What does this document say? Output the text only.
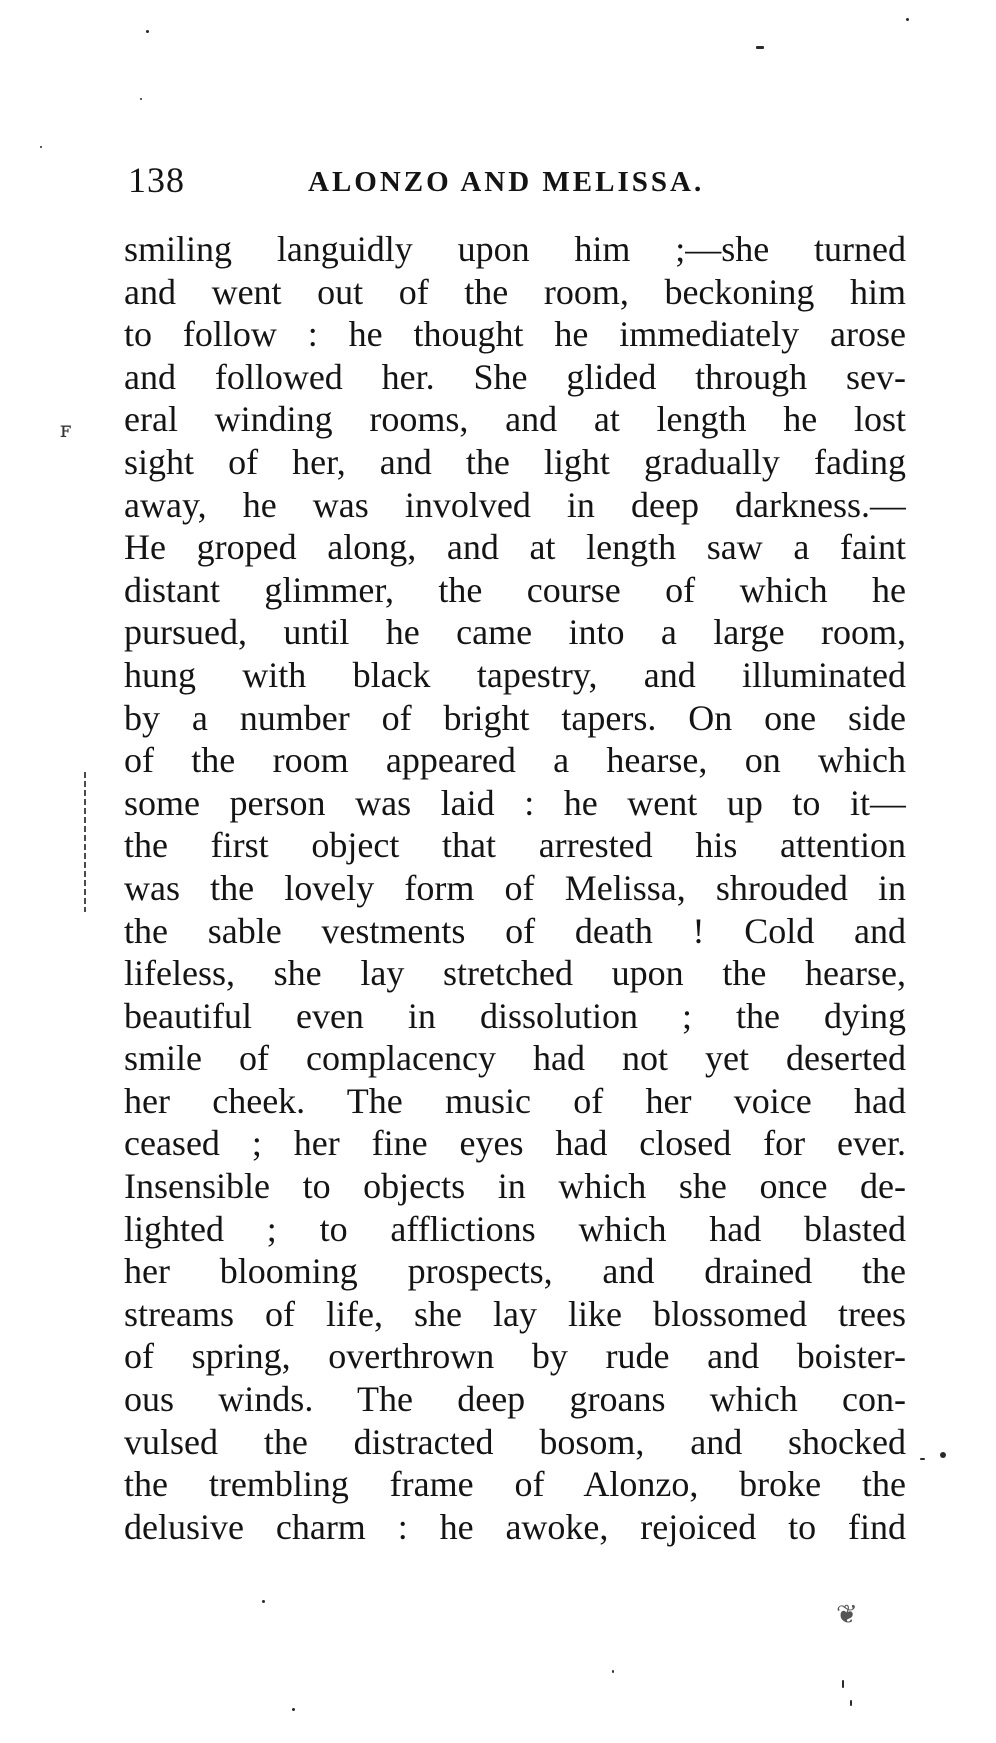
138	ALONZO AND MELISSA.
smiling languidly upon him ;—she turned
and went out of the room, beckoning him
to follow : he thought he immediately arose
and followed her. She glided through sev-
eral winding rooms, and at length he lost
sight of her, and the light gradually fading
away, he was involved in deep darkness.—
He groped along, and at length saw a faint
distant glimmer, the course of which he
pursued, until he came into a large room,
hung with black tapestry, and illuminated
by a number of bright tapers. On one side
of the room appeared a hearse, on which
some person was laid : he went up to it—
the first object that arrested his attention
was the lovely form of Melissa, shrouded in
the sable vestments of death ! Cold and
lifeless, she lay stretched upon the hearse,
beautiful even in dissolution ; the dying
smile of complacency had not yet deserted
her cheek. The music of her voice had
ceased ; her fine eyes had closed for ever.
Insensible to objects in which she once de-
lighted ; to afflictions which had blasted
her blooming prospects, and drained the
streams of life, she lay like blossomed trees
of spring, overthrown by rude and boister-
ous winds. The deep groans which con-
vulsed the distracted bosom, and shocked
the trembling frame of Alonzo, broke the
delusive charm : he awoke, rejoiced to find
ꜰ
❦
